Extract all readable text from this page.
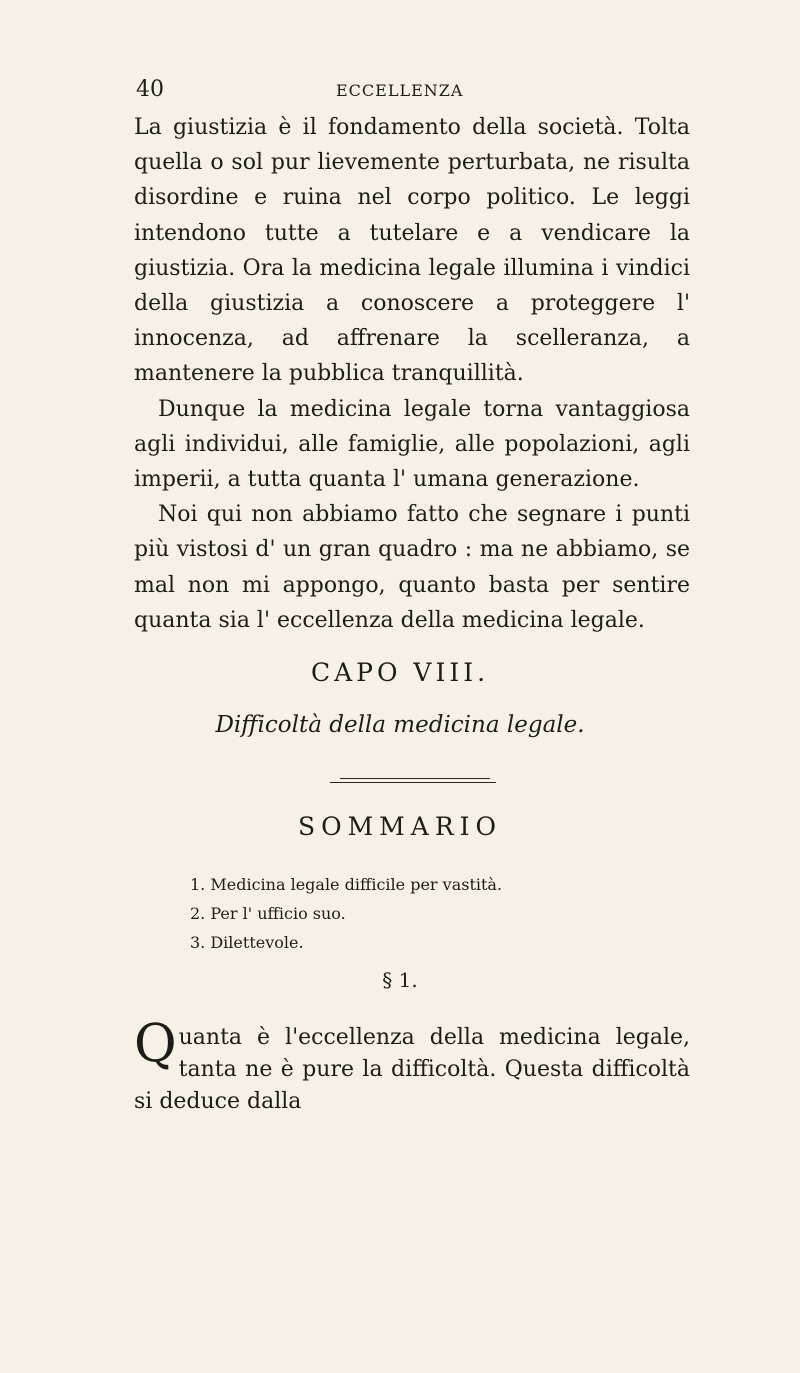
40	ECCELLENZA

La giustizia è il fondamento della società. Tolta quella o sol pur lievemente perturbata, ne risulta disordine e ruina nel corpo politico. Le leggi intendono tutte a tutelare e a vendicare la giustizia. Ora la medicina legale illumina i vindici della giustizia a conoscere a proteggere l' innocenza, ad affrenare la scelleranza, a mantenere la pubblica tranquillità.

Dunque la medicina legale torna vantaggiosa agli individui, alle famiglie, alle popolazioni, agli imperii, a tutta quanta l' umana generazione.

Noi qui non abbiamo fatto che segnare i punti più vistosi d' un gran quadro : ma ne abbiamo, se mal non mi appongo, quanto basta per sentire quanta sia l' eccellenza della medicina legale.

CAPO VIII.
Difficoltà della medicina legale.
SOMMARIO
1. Medicina legale difficile per vastità.
2. Per l' ufficio suo.
3. Dilettevole.
§ 1.

Quanta è l'eccellenza della medicina legale, tanta ne è pure la difficoltà. Questa difficoltà si deduce dalla
